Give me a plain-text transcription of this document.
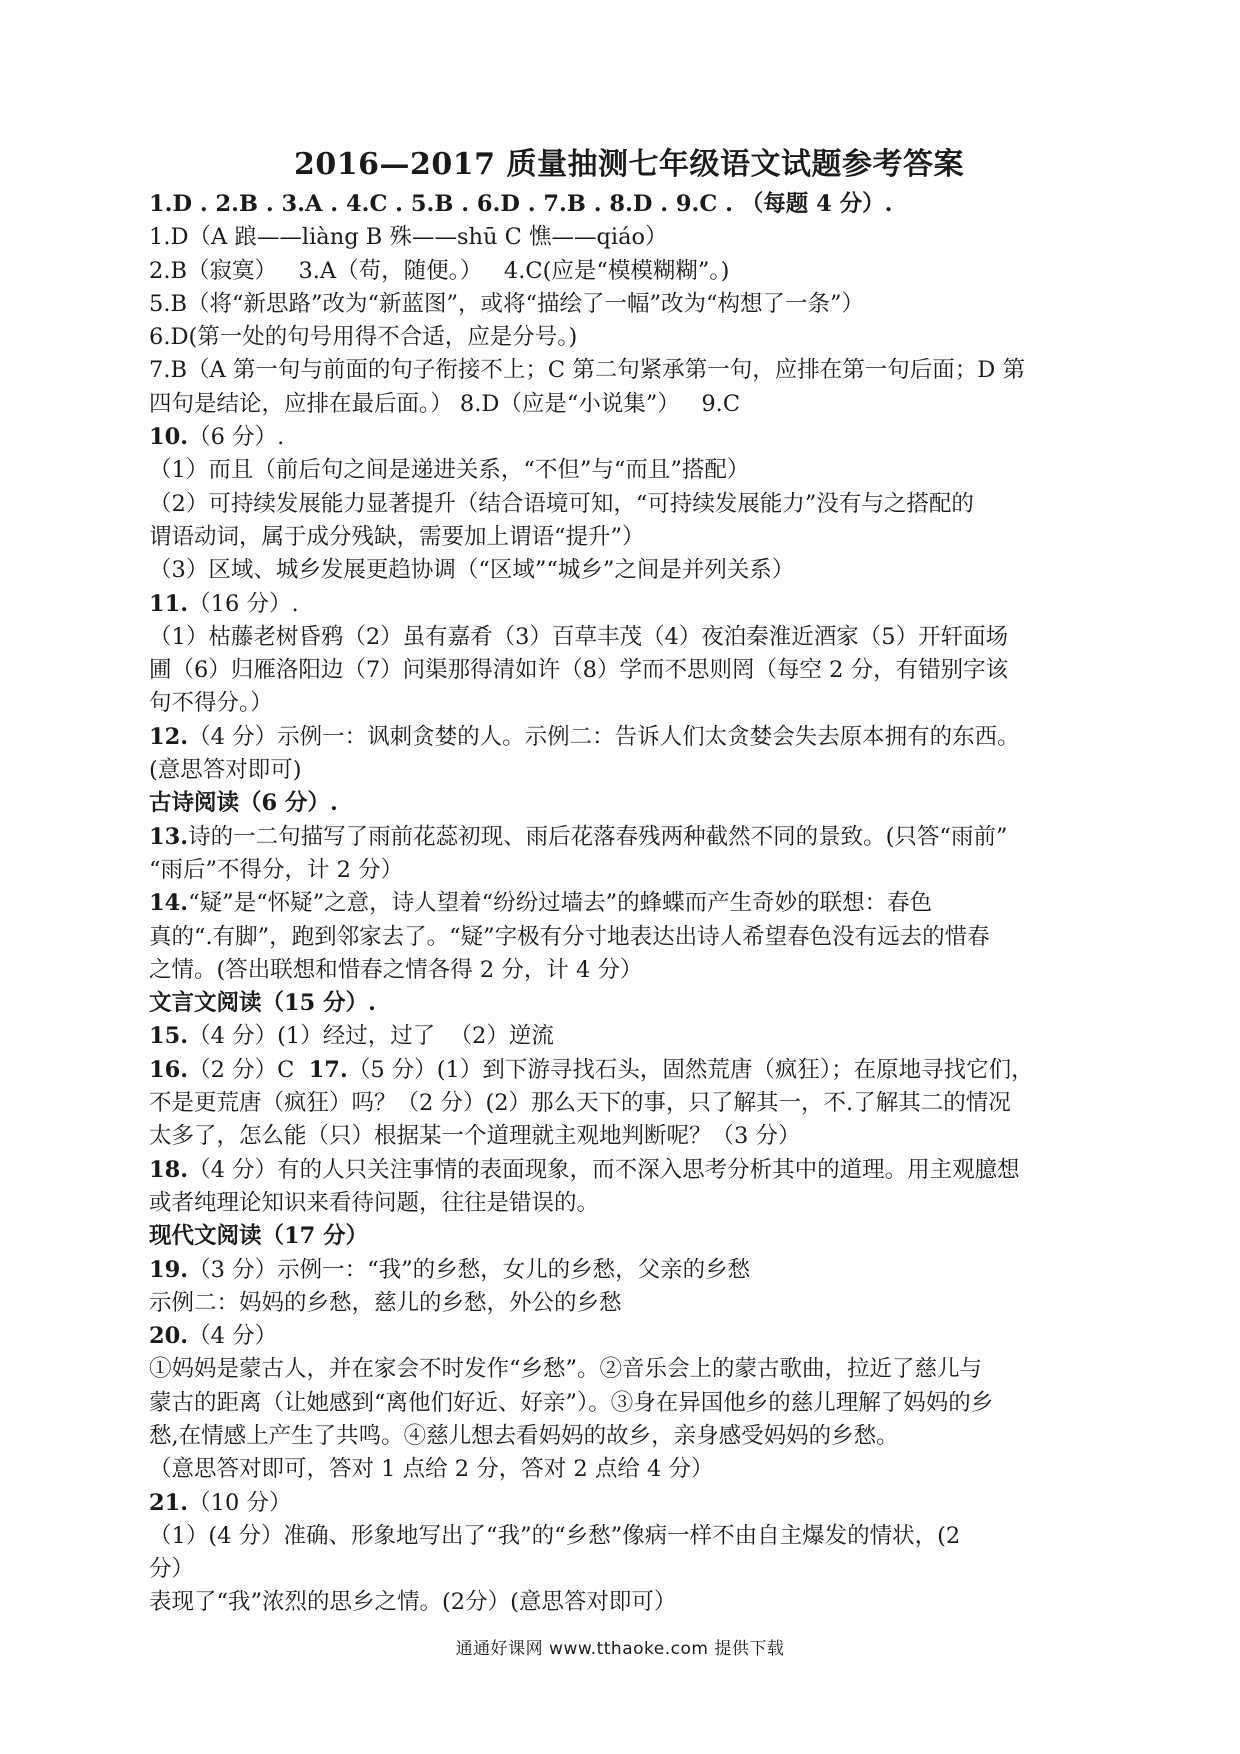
2016—2017 质量抽测七年级语文试题参考答案
1.D . 2.B . 3.A . 4.C . 5.B . 6.D . 7.B . 8.D . 9.C . （每题 4 分）.
1.D（A 踉——liàng B 殊——shū C 憔——qiáo）
2.B（寂寞）   3.A（苟，随便。）   4.C(应是“模模糊糊”。)
5.B（将“新思路”改为“新蓝图”，或将“描绘了一幅”改为“构想了一条”）
6.D(第一处的句号用得不合适，应是分号。)
7.B（A 第一句与前面的句子衔接不上；C 第二句紧承第一句，应排在第一句后面；D 第
四句是结论，应排在最后面。） 8.D（应是“小说集”）   9.C
10.（6 分）.
（1）而且（前后句之间是递进关系，“不但”与“而且”搭配）
（2）可持续发展能力显著提升（结合语境可知，“可持续发展能力”没有与之搭配的
谓语动词，属于成分残缺，需要加上谓语“提升”）
（3）区域、城乡发展更趋协调（“区域”“城乡”之间是并列关系）
11.（16 分）.
（1）枯藤老树昏鸦（2）虽有嘉肴（3）百草丰茂（4）夜泊秦淮近酒家（5）开轩面场
圃（6）归雁洛阳边（7）问渠那得清如许（8）学而不思则罔（每空 2 分，有错别字该
句不得分。）
12.（4 分）示例一：讽刺贪婪的人。示例二：告诉人们太贪婪会失去原本拥有的东西。
(意思答对即可)
古诗阅读（6 分）.
13.诗的一二句描写了雨前花蕊初现、雨后花落春残两种截然不同的景致。(只答“雨前”
“雨后”不得分，计 2 分）
14.“疑”是“怀疑”之意，诗人望着“纷纷过墙去”的蜂蝶而产生奇妙的联想：春色
真的“.有脚”，跑到邻家去了。“疑”字极有分寸地表达出诗人希望春色没有远去的惜春
之情。(答出联想和惜春之情各得 2 分，计 4 分）
文言文阅读（15 分）.
15.（4 分）(1）经过，过了  （2）逆流
16.（2 分）C  17.（5 分）(1）到下游寻找石头，固然荒唐（疯狂）；在原地寻找它们，
不是更荒唐（疯狂）吗？（2 分）(2）那么天下的事，只了解其一，不.了解其二的情况
太多了，怎么能（只）根据某一个道理就主观地判断呢？（3 分）
18.（4 分）有的人只关注事情的表面现象，而不深入思考分析其中的道理。用主观臆想
或者纯理论知识来看待问题，往往是错误的。
现代文阅读（17 分）
19.（3 分）示例一：“我”的乡愁，女儿的乡愁，父亲的乡愁
示例二：妈妈的乡愁，慈儿的乡愁，外公的乡愁
20.（4 分）
①妈妈是蒙古人，并在家会不时发作“乡愁”。②音乐会上的蒙古歌曲，拉近了慈儿与
蒙古的距离（让她感到“离他们好近、好亲”）。③身在异国他乡的慈儿理解了妈妈的乡
愁,在情感上产生了共鸣。④慈儿想去看妈妈的故乡，亲身感受妈妈的乡愁。
（意思答对即可，答对 1 点给 2 分，答对 2 点给 4 分）
21.（10 分）
（1）(4 分）准确、形象地写出了“我”的“乡愁”像病一样不由自主爆发的情状，(2
分）
表现了“我”浓烈的思乡之情。(2分）(意思答对即可）
通通好课网 www.tthaoke.com 提供下载
